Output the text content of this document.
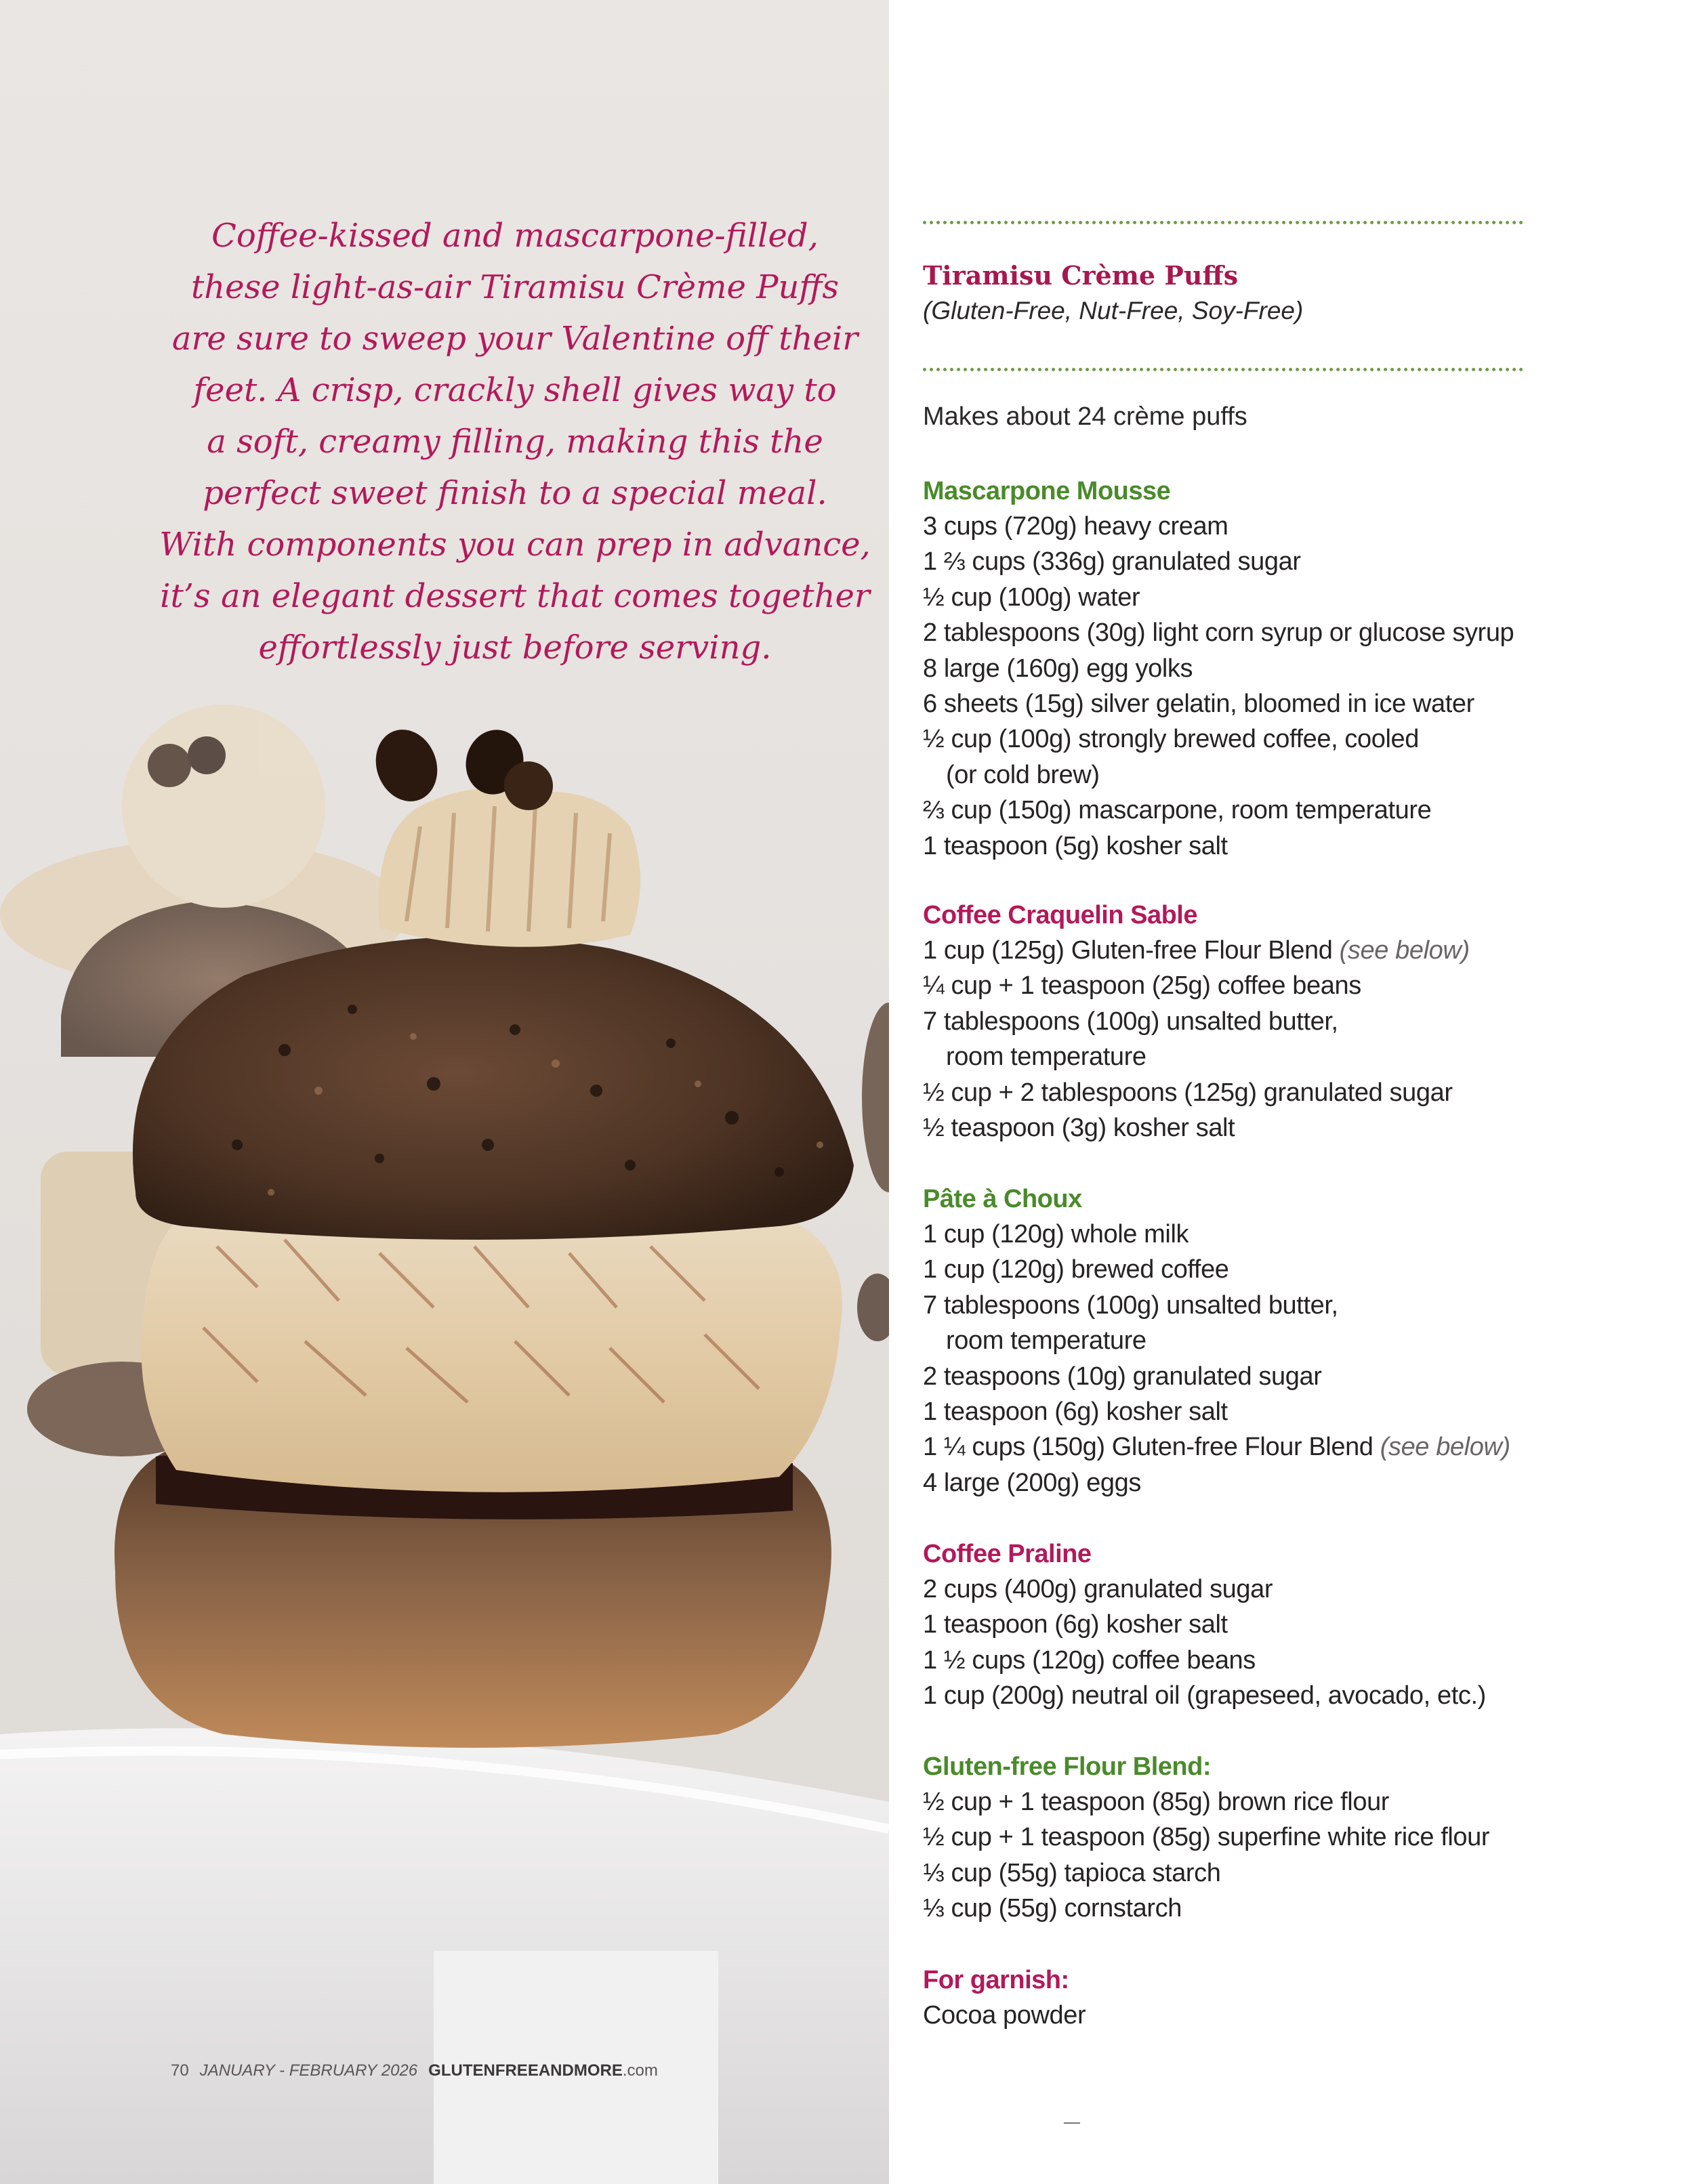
Coffee-kissed and mascarpone-filled,
these light-as-air Tiramisu Crème Puffs
are sure to sweep your Valentine off their
feet. A crisp, crackly shell gives way to
a soft, creamy filling, making this the
perfect sweet finish to a special meal.
With components you can prep in advance,
it’s an elegant dessert that comes together
effortlessly just before serving.

70 JANUARY - FEBRUARY 2026 GLUTENFREEANDMORE.com
Tiramisu Crème Puffs
(Gluten-Free, Nut-Free, Soy-Free)
Makes about 24 crème puffs
Mascarpone Mousse
3 cups (720g) heavy cream
1 ⅔ cups (336g) granulated sugar
½ cup (100g) water
2 tablespoons (30g) light corn syrup or glucose syrup
8 large (160g) egg yolks
6 sheets (15g) silver gelatin, bloomed in ice water
½ cup (100g) strongly brewed coffee, cooled
(or cold brew)
⅔ cup (150g) mascarpone, room temperature
1 teaspoon (5g) kosher salt
Coffee Craquelin Sable
1 cup (125g) Gluten-free Flour Blend (see below)
¼ cup + 1 teaspoon (25g) coffee beans
7 tablespoons (100g) unsalted butter,
room temperature
½ cup + 2 tablespoons (125g) granulated sugar
½ teaspoon (3g) kosher salt
Pâte à Choux
1 cup (120g) whole milk
1 cup (120g) brewed coffee
7 tablespoons (100g) unsalted butter,
room temperature
2 teaspoons (10g) granulated sugar
1 teaspoon (6g) kosher salt
1 ¼ cups (150g) Gluten-free Flour Blend (see below)
4 large (200g) eggs
Coffee Praline
2 cups (400g) granulated sugar
1 teaspoon (6g) kosher salt
1 ½ cups (120g) coffee beans
1 cup (200g) neutral oil (grapeseed, avocado, etc.)
Gluten-free Flour Blend:
½ cup + 1 teaspoon (85g) brown rice flour
½ cup + 1 teaspoon (85g) superfine white rice flour
⅓ cup (55g) tapioca starch
⅓ cup (55g) cornstarch
For garnish:
Cocoa powder
